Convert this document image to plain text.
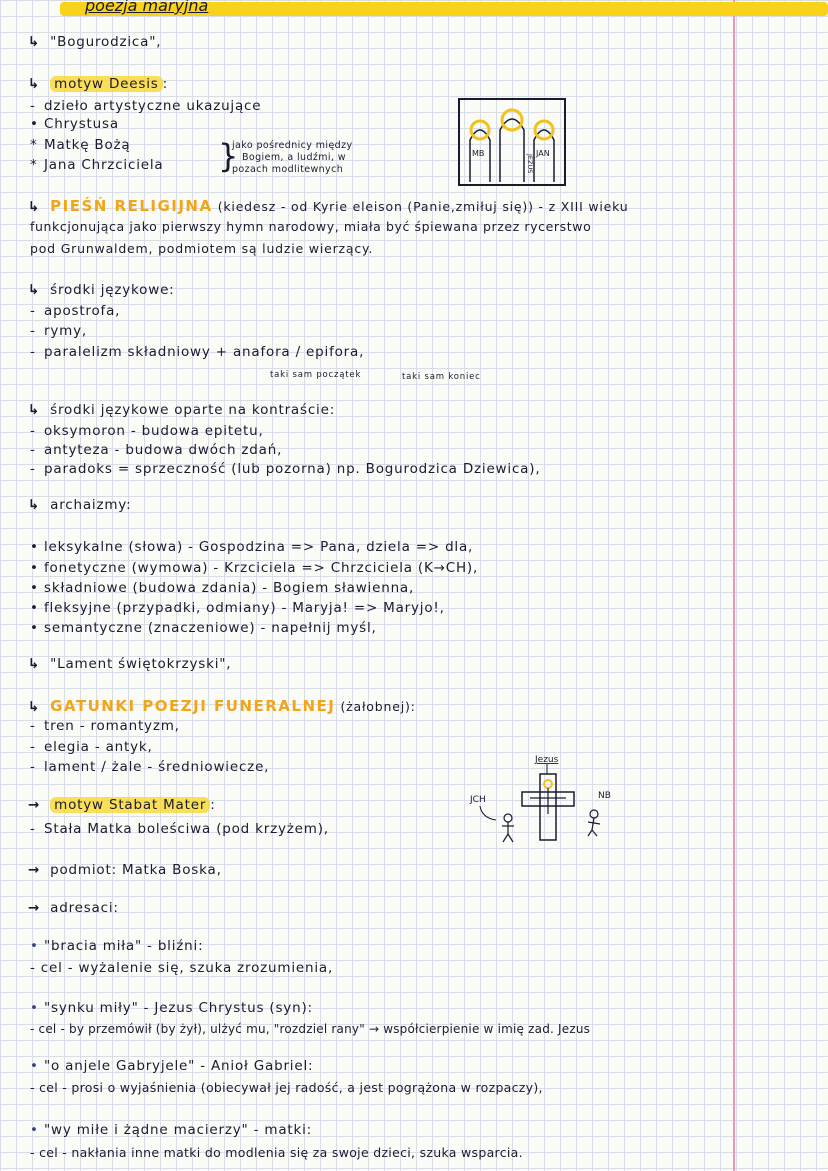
poezja maryjna
↳ "Bogurodzica",
↳ motyw Deesis :
- dzieło artystyczne ukazujące
• Chrystusa
* Matkę Bożą
* Jana Chrzciciela }
jako pośrednicy między
Bogiem, a ludźmi, w
pozach modlitewnych
MB
JEZUS
JAN
↳ PIEŚŃ RELIGIJNA (kiedesz - od Kyrie eleison (Panie,zmiłuj się)) - z XIII wieku
funkcjonująca jako pierwszy hymn narodowy, miała być śpiewana przez rycerstwo
pod Grunwaldem, podmiotem są ludzie wierzący.
↳ środki językowe:
- apostrofa,
- rymy,
- paralelizm składniowy + anafora / epifora,
taki sam początek	taki sam koniec
↳ środki językowe oparte na kontraście:
- oksymoron - budowa epitetu,
- antyteza - budowa dwóch zdań,
- paradoks = sprzeczność (lub pozorna) np. Bogurodzica Dziewica),
↳ archaizmy:
• leksykalne (słowa) - Gospodzina => Pana, dziela => dla,
• fonetyczne (wymowa) - Krzciciela => Chrzciciela (K→CH),
• składniowe (budowa zdania) - Bogiem sławienna,
• fleksyjne (przypadki, odmiany) - Maryja! => Maryjo!,
• semantyczne (znaczeniowe) - napełnij myśl,
↳ "Lament świętokrzyski",
↳ GATUNKI POEZJI FUNERALNEJ (żałobnej):
- tren - romantyzm,
- elegia - antyk,
- lament / żale - średniowiecze,
→ motyw Stabat Mater :
- Stała Matka boleściwa (pod krzyżem),
Jezus
JCH	NB
→ podmiot: Matka Boska,
→ adresaci:
• "bracia miła" - bliźni:
- cel - wyżalenie się, szuka zrozumienia,
• "synku miły" - Jezus Chrystus (syn):
- cel - by przemówił (by żył), ulżyć mu, "rozdziel rany" → współcierpienie w imię zad. Jezus
• "o anjele Gabryjele" - Anioł Gabriel:
- cel - prosi o wyjaśnienia (obiecywał jej radość, a jest pogrążona w rozpaczy),
• "wy miłe i żądne macierzy" - matki:
- cel - nakłania inne matki do modlenia się za swoje dzieci, szuka wsparcia.
